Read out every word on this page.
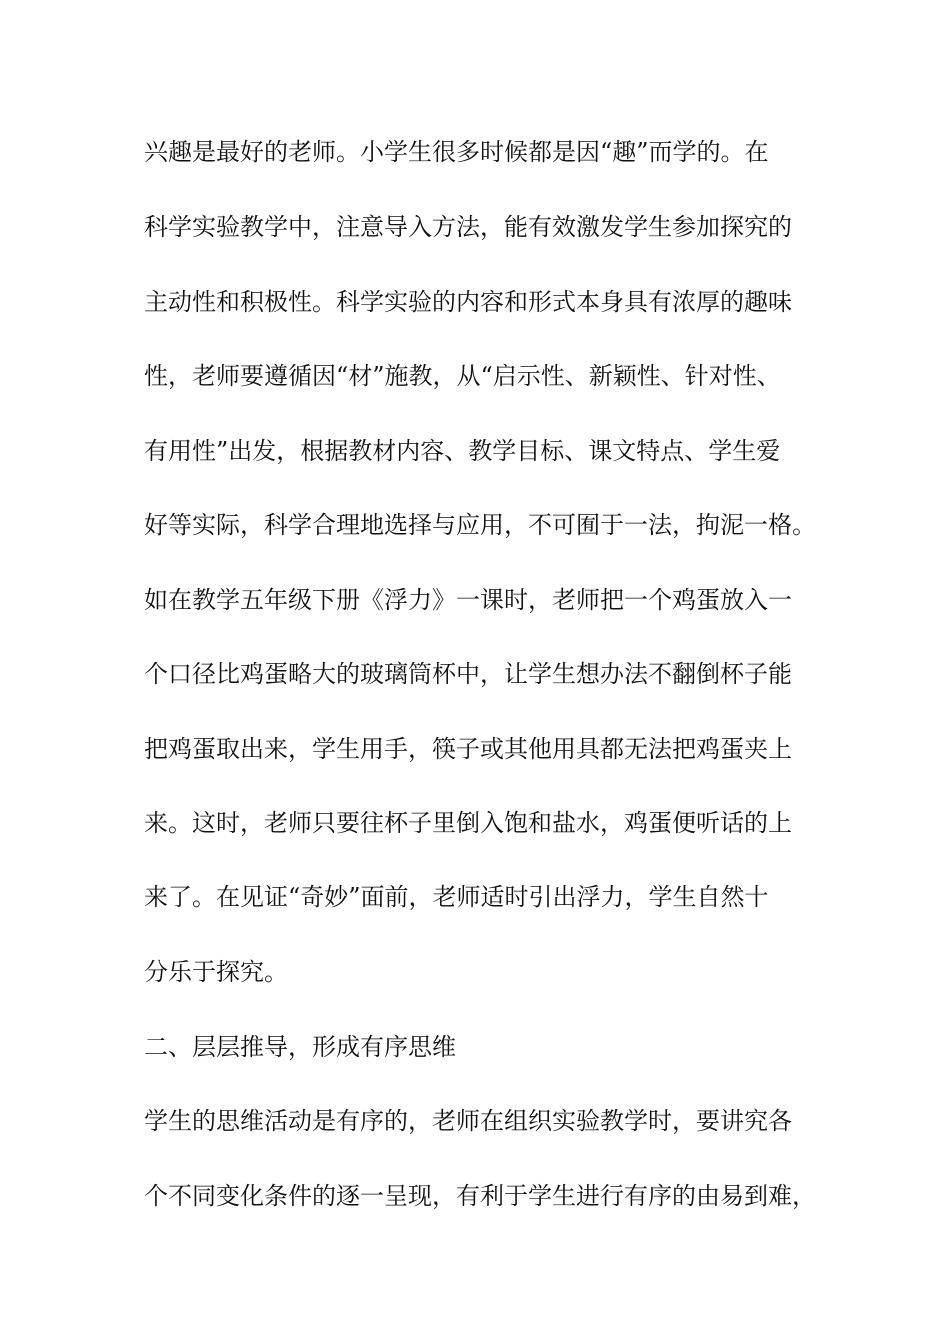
兴趣是最好的老师。小学生很多时候都是因“趣”而学的。在
科学实验教学中，注意导入方法，能有效激发学生参加探究的
主动性和积极性。科学实验的内容和形式本身具有浓厚的趣味
性，老师要遵循因“材”施教，从“启示性、新颖性、针对性、
有用性”出发，根据教材内容、教学目标、课文特点、学生爱
好等实际，科学合理地选择与应用，不可囿于一法，拘泥一格。
如在教学五年级下册《浮力》一课时，老师把一个鸡蛋放入一
个口径比鸡蛋略大的玻璃筒杯中，让学生想办法不翻倒杯子能
把鸡蛋取出来，学生用手，筷子或其他用具都无法把鸡蛋夹上
来。这时，老师只要往杯子里倒入饱和盐水，鸡蛋便听话的上
来了。在见证“奇妙”面前，老师适时引出浮力，学生自然十
分乐于探究。
二、层层推导，形成有序思维
学生的思维活动是有序的，老师在组织实验教学时，要讲究各
个不同变化条件的逐一呈现，有利于学生进行有序的由易到难，
